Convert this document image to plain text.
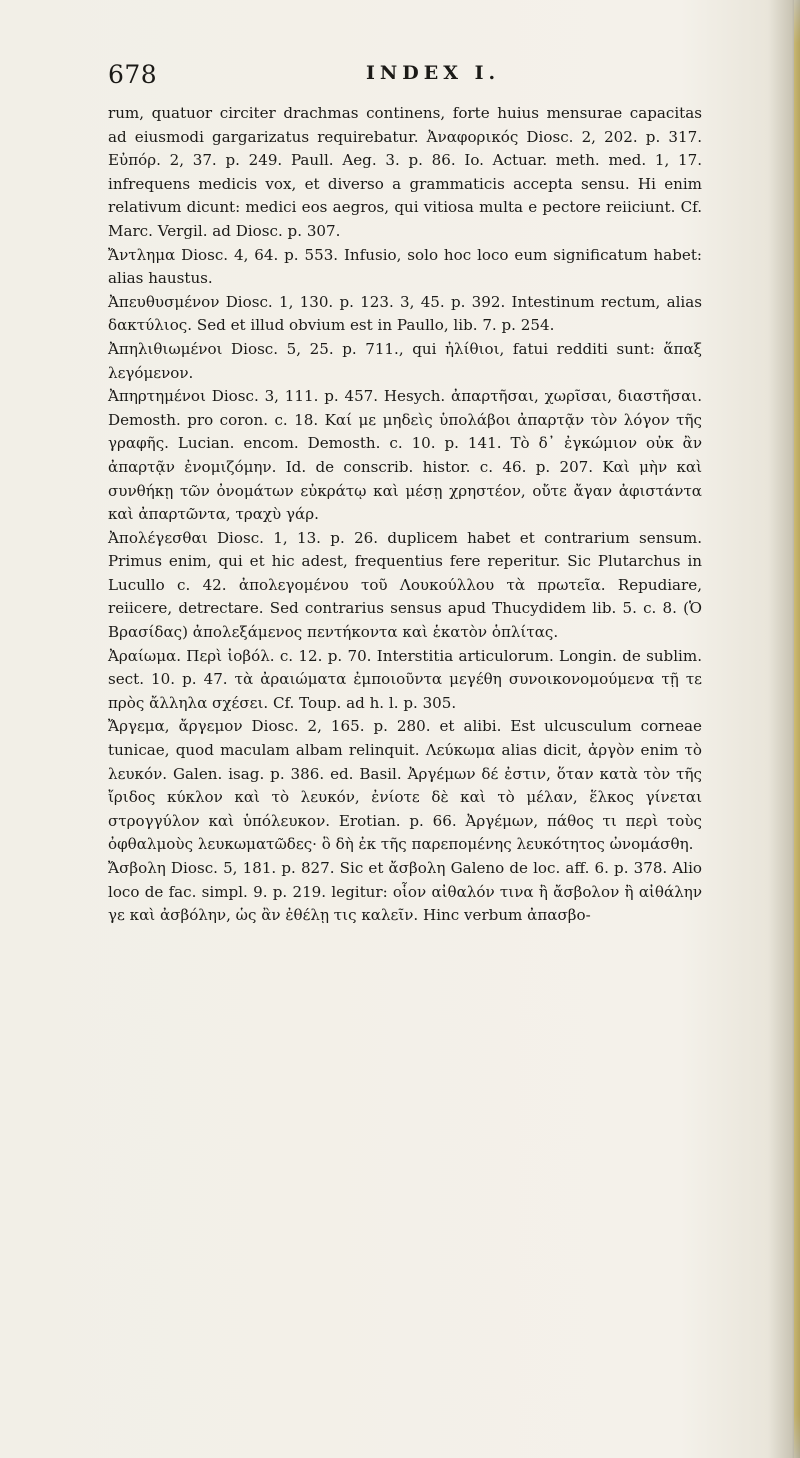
678	INDEX I.

rum, quatuor circiter drachmas continens, forte huius mensurae capacitas ad eiusmodi gargarizatus requirebatur. Ἀναφορικός Diosc. 2, 202. p. 317. Εὐπόρ. 2, 37. p. 249. Paull. Aeg. 3. p. 86. Io. Actuar. meth. med. 1, 17. infrequens medicis vox, et diverso a grammaticis accepta sensu. Hi enim relativum dicunt: medici eos aegros, qui vitiosa multa e pectore reiiciunt. Cf. Marc. Vergil. ad Diosc. p. 307.

Ἄντλημα Diosc. 4, 64. p. 553. Infusio, solo hoc loco eum significatum habet: alias haustus.

Ἀπευθυσμένον Diosc. 1, 130. p. 123. 3, 45. p. 392. Intestinum rectum, alias δακτύλιος. Sed et illud obvium est in Paullo, lib. 7. p. 254.

Ἀπηλιθιωμένοι Diosc. 5, 25. p. 711., qui ἠλίθιοι, fatui redditi sunt: ἅπαξ λεγόμενον.

Ἀπηρτημένοι Diosc. 3, 111. p. 457. Hesych. ἀπαρτῆσαι, χωρῖσαι, διαστῆσαι. Demosth. pro coron. c. 18. Καί με μηδεὶς ὑπολάβοι ἀπαρτᾷν τὸν λόγον τῆς γραφῆς. Lucian. encom. Demosth. c. 10. p. 141. Τὸ δ᾽ ἐγκώμιον οὐκ ἂν ἀπαρτᾷν ἐνομιζόμην. Id. de conscrib. histor. c. 46. p. 207. Καὶ μὴν καὶ συνθήκῃ τῶν ὀνομάτων εὐκράτῳ καὶ μέσῃ χρηστέον, οὔτε ἄγαν ἀφιστάντα καὶ ἀπαρτῶντα, τραχὺ γάρ.

Ἀπολέγεσθαι Diosc. 1, 13. p. 26. duplicem habet et contrarium sensum. Primus enim, qui et hic adest, frequentius fere reperitur. Sic Plutarchus in Lucullo c. 42. ἀπολεγομένου τοῦ Λουκούλλου τὰ πρωτεῖα. Repudiare, reiicere, detrectare. Sed contrarius sensus apud Thucydidem lib. 5. c. 8. (Ὁ Βρασίδας) ἀπολεξάμενος πεντήκοντα καὶ ἑκατὸν ὁπλίτας.

Ἀραίωμα. Περὶ ἰοβόλ. c. 12. p. 70. Interstitia articulorum. Longin. de sublim. sect. 10. p. 47. τὰ ἀραιώματα ἐμποιοῦντα μεγέθη συνοικονομούμενα τῇ τε πρὸς ἄλληλα σχέσει. Cf. Toup. ad h. l. p. 305.

Ἄργεμα, ἄργεμον Diosc. 2, 165. p. 280. et alibi. Est ulcusculum corneae tunicae, quod maculam albam relinquit. Λεύκωμα alias dicit, ἀργὸν enim τὸ λευκόν. Galen. isag. p. 386. ed. Basil. Ἀργέμων δέ ἐστιν, ὅταν κατὰ τὸν τῆς ἴριδος κύκλον καὶ τὸ λευκόν, ἐνίοτε δὲ καὶ τὸ μέλαν, ἕλκος γίνεται στρογγύλον καὶ ὑπόλευκον. Erotian. p. 66. Ἀργέμων, πάθος τι περὶ τοὺς ὀφθαλμοὺς λευκωματῶδες· ὃ δὴ ἐκ τῆς παρεπομένης λευκότητος ὠνομάσθη.

Ἄσβολη Diosc. 5, 181. p. 827. Sic et ἄσβολη Galeno de loc. aff. 6. p. 378. Alio loco de fac. simpl. 9. p. 219. legitur: οἷον αἰθαλόν τινα ἢ ἄσβολον ἢ αἰθάλην γε καὶ ἀσβόλην, ὡς ἂν ἐθέλῃ τις καλεῖν. Hinc verbum ἀπασβο-
